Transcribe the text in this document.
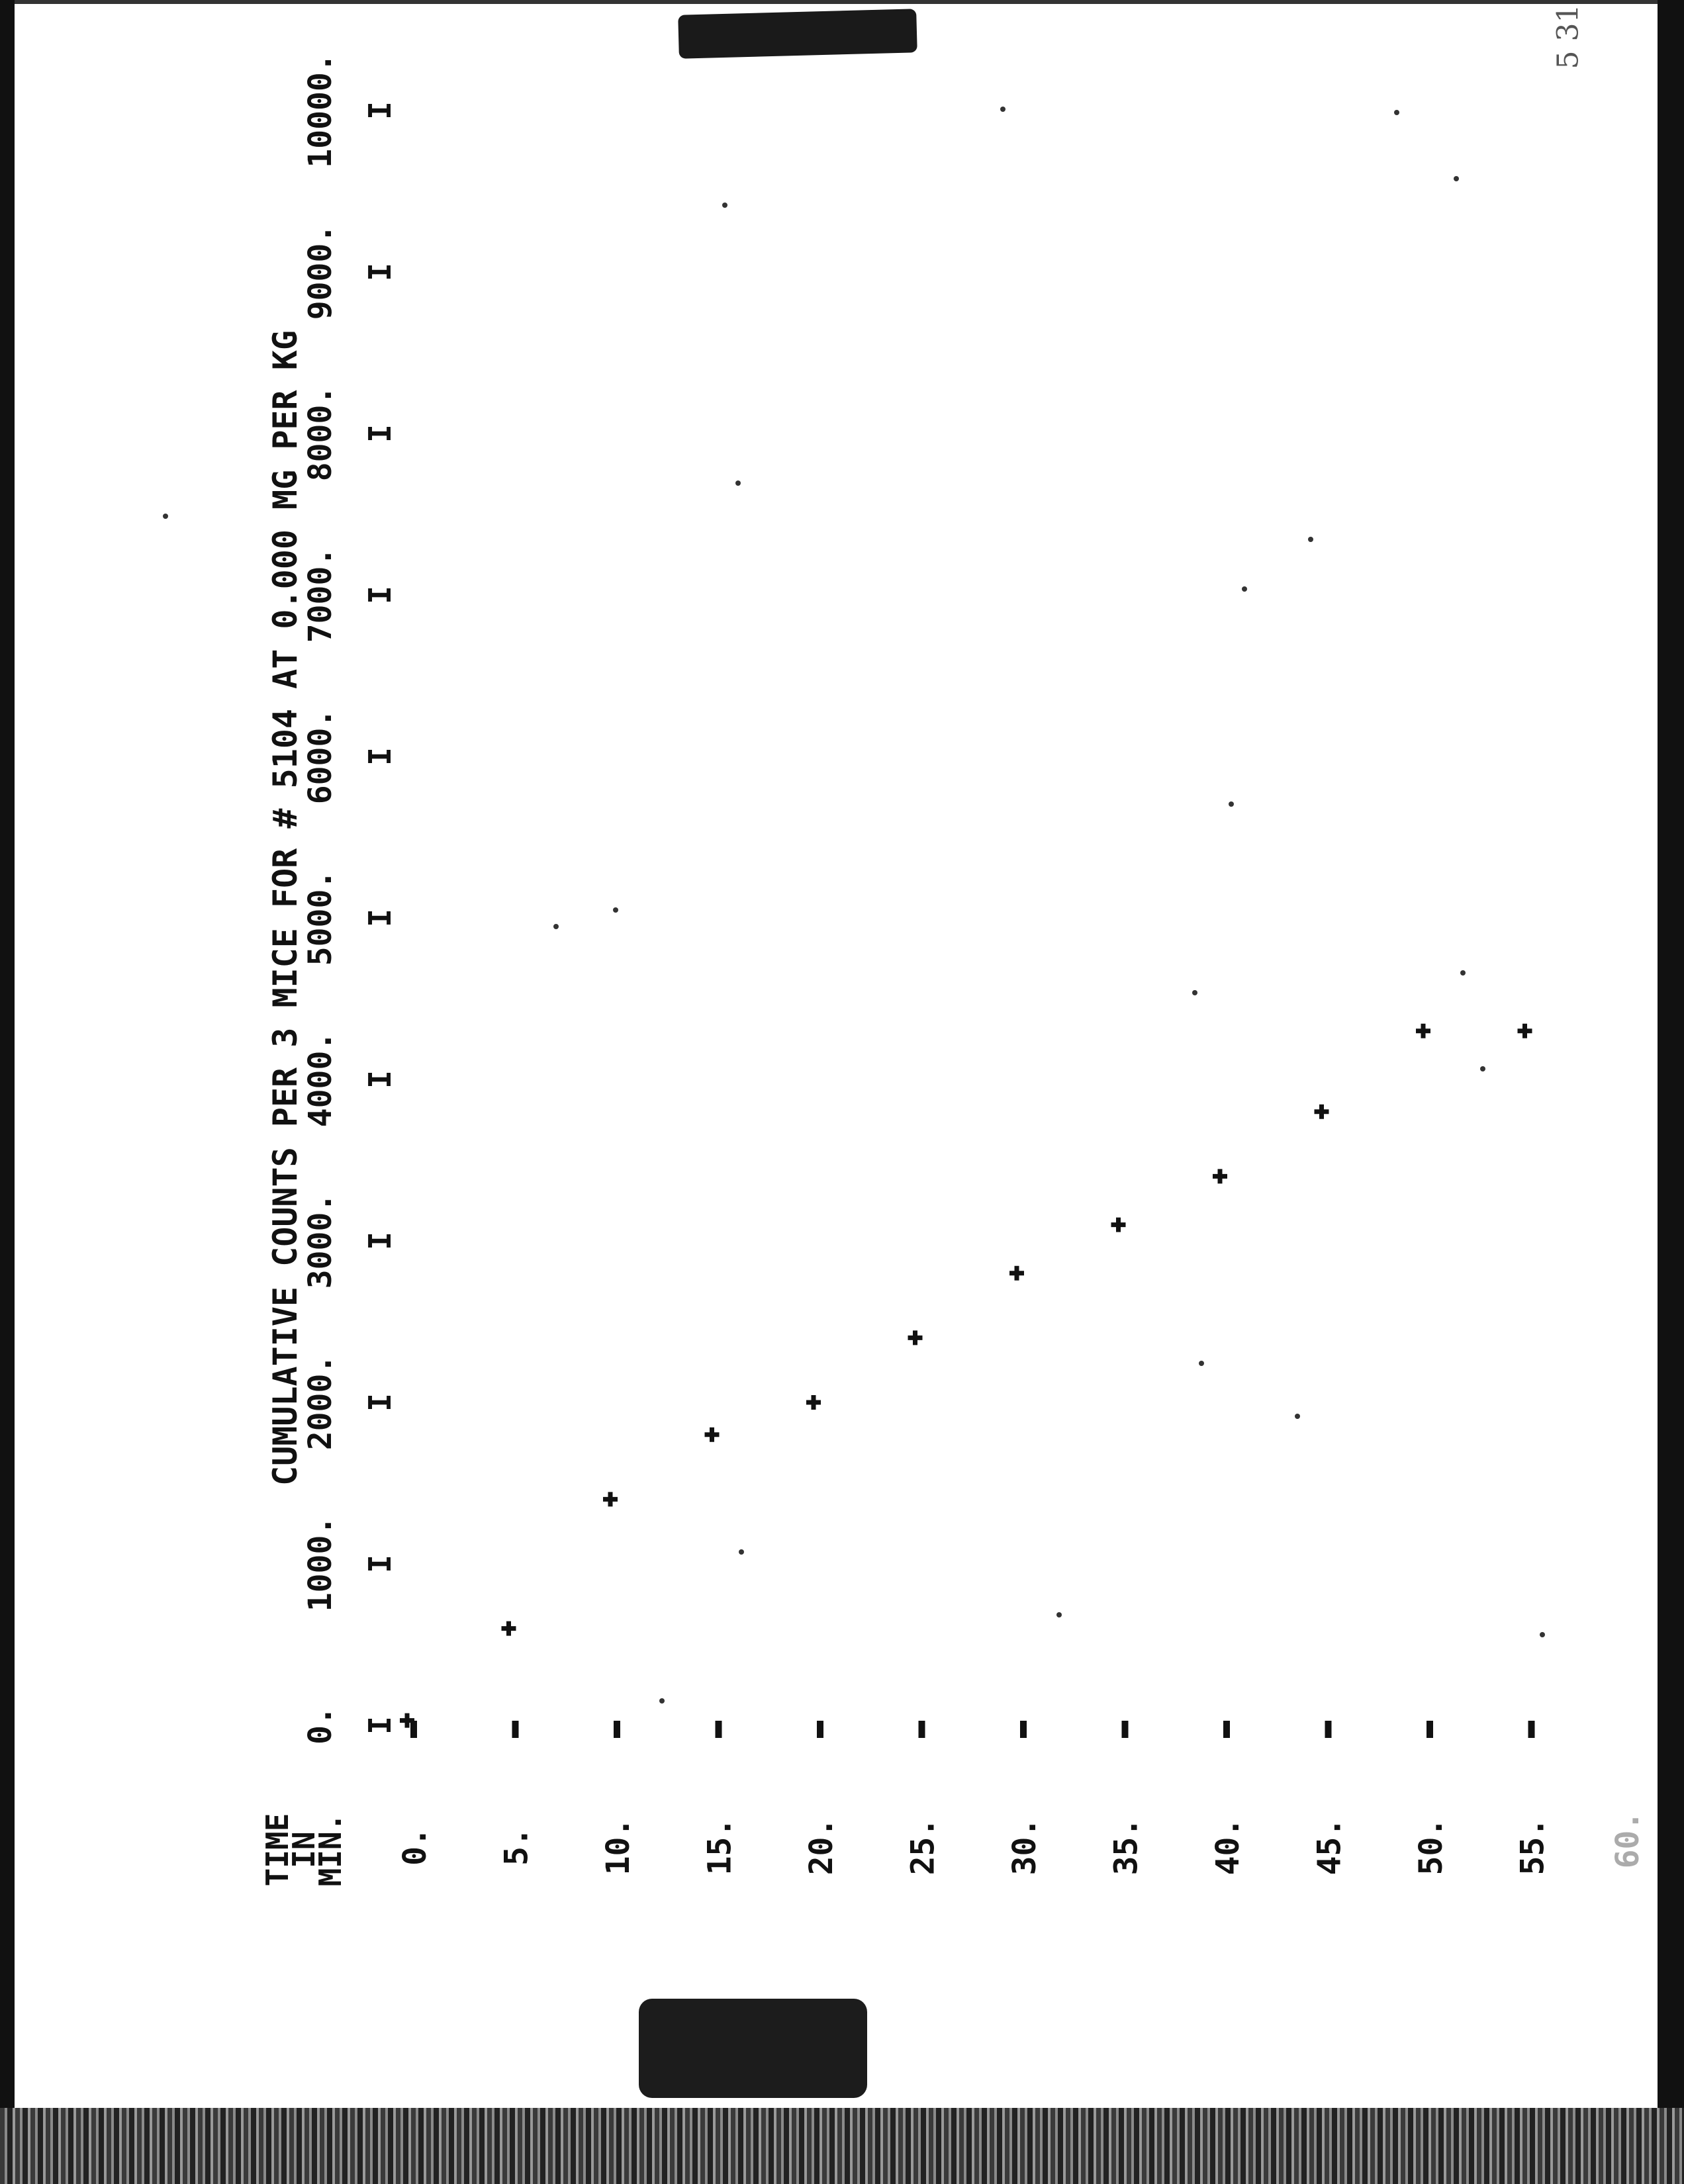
5 31
CUMULATIVE COUNTS PER 3 MICE FOR # 5104 AT 0.000 MG PER KG
0. I
1000. I
2000. I
3000. I
4000. I
5000. I
6000. I
7000. I
8000. I
9000. I
10000. I
TIME
IN
MIN. 0. 5. 10. 15. 20. 25. 30. 35. 40. 45. 50. 55. 60.
